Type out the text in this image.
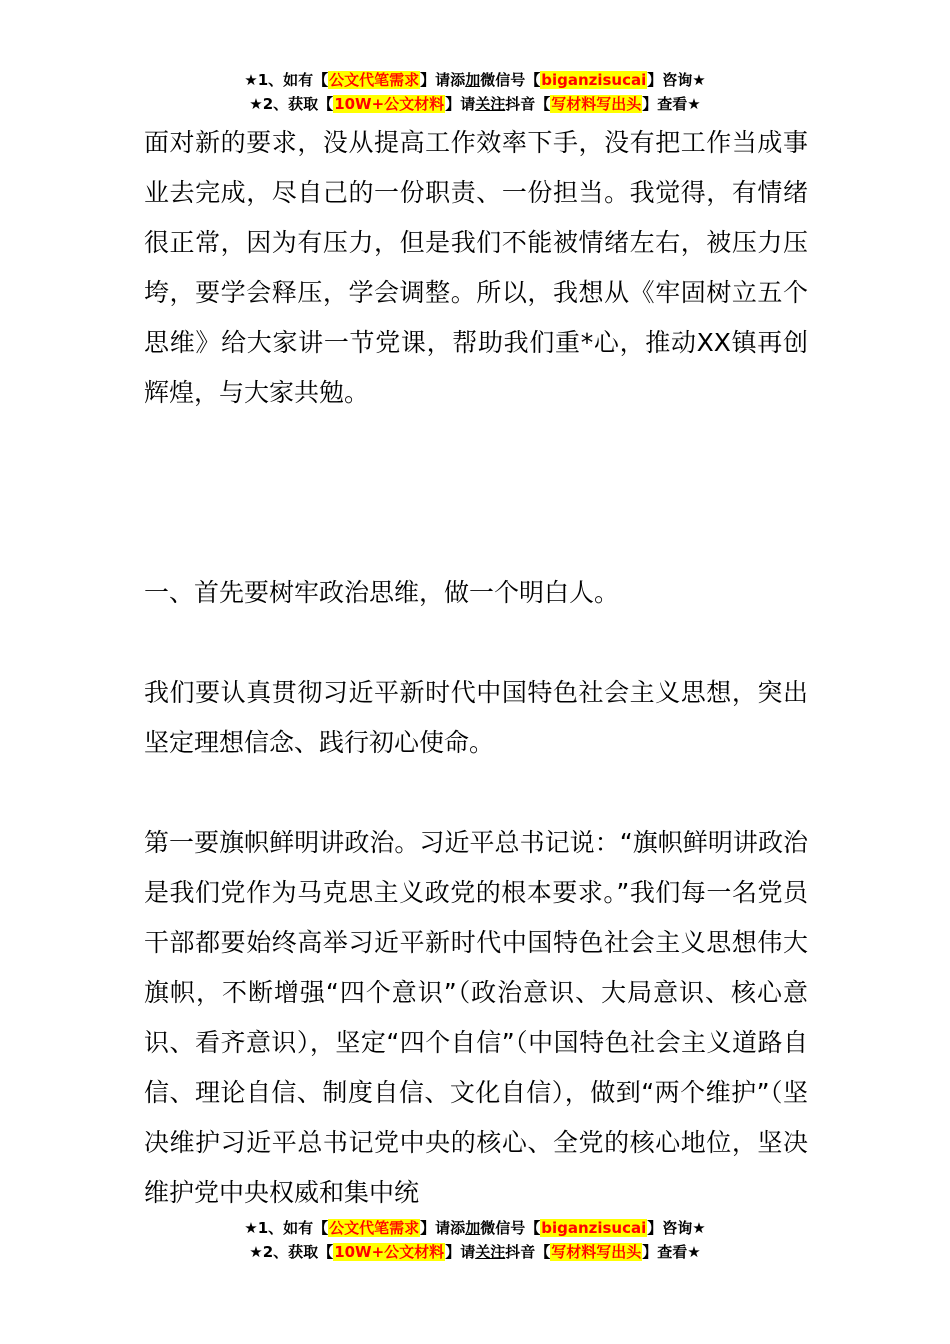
★1、如有【公文代笔需求】请添加微信号【biganzisucai】咨询★
★2、获取【10W+公文材料】请关注抖音【写材料写出头】查看★

面对新的要求，没从提高工作效率下手，没有把工作当成事业去完成，尽自己的一份职责、一份担当。我觉得，有情绪很正常，因为有压力，但是我们不能被情绪左右，被压力压垮，要学会释压，学会调整。所以，我想从《牢固树立五个思维》给大家讲一节党课，帮助我们重*心，推动XX镇再创辉煌，与大家共勉。

一、首先要树牢政治思维，做一个明白人。

我们要认真贯彻习近平新时代中国特色社会主义思想，突出坚定理想信念、践行初心使命。

第一要旗帜鲜明讲政治。习近平总书记说：“旗帜鲜明讲政治是我们党作为马克思主义政党的根本要求。”我们每一名党员干部都要始终高举习近平新时代中国特色社会主义思想伟大旗帜，不断增强“四个意识”（政治意识、大局意识、核心意识、看齐意识），坚定“四个自信”（中国特色社会主义道路自信、理论自信、制度自信、文化自信），做到“两个维护”（坚决维护习近平总书记党中央的核心、全党的核心地位，坚决维护党中央权威和集中统

★1、如有【公文代笔需求】请添加微信号【biganzisucai】咨询★
★2、获取【10W+公文材料】请关注抖音【写材料写出头】查看★
